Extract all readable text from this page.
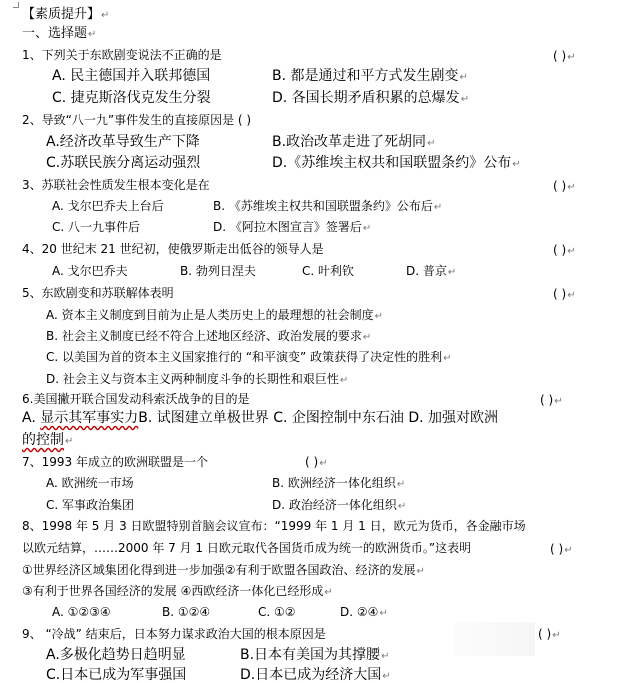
【素质提升】↵
一、选择题↵
1、下列关于东欧剧变说法不正确的是	( )↵
A. 民主德国并入联邦德国	B. 都是通过和平方式发生剧变↵
C. 捷克斯洛伐克发生分裂	D. 各国长期矛盾积累的总爆发↵
2、导致“八一九”事件发生的直接原因是 ( )
A.经济改革导致生产下降	B.政治改革走进了死胡同↵
C.苏联民族分离运动强烈	D.《苏维埃主权共和国联盟条约》公布↵
3、苏联社会性质发生根本变化是在	( )↵
A. 戈尔巴乔夫上台后	B. 《苏维埃主权共和国联盟条约》公布后↵
C. 八一九事件后	D. 《阿拉木图宣言》签署后↵
4、20 世纪末 21 世纪初，使俄罗斯走出低谷的领导人是	( )↵
A. 戈尔巴乔夫	B. 勃列日涅夫	C. 叶利钦	D. 普京↵
5、东欧剧变和苏联解体表明	( )↵
A. 资本主义制度到目前为止是人类历史上的最理想的社会制度↵
B. 社会主义制度已经不符合上述地区经济、政治发展的要求↵
C. 以美国为首的资本主义国家推行的 “和平演变” 政策获得了决定性的胜利↵
D. 社会主义与资本主义两种制度斗争的长期性和艰巨性↵
6.美国撇开联合国发动科索沃战争的目的是	( )↵
A. 显示其军事实力B. 试图建立单极世界 C. 企图控制中东石油 D. 加强对欧洲
的控制↵
7、1993 年成立的欧洲联盟是一个	( )↵
A. 欧洲统一市场	B. 欧洲经济一体化组织↵
C. 军事政治集团	D. 政治经济一体化组织↵
8、1998 年 5 月 3 日欧盟特别首脑会议宣布：“1999 年 1 月 1 日，欧元为货币，各金融市场
以欧元结算，……2000 年 7 月 1 日欧元取代各国货币成为统一的欧洲货币。”这表明	( )↵
①世界经济区域集团化得到进一步加强②有利于欧盟各国政治、经济的发展↵
③有利于世界各国经济的发展 ④西欧经济一体化已经形成↵
A. ①②③④	B. ①②④	C. ①②	D. ②④↵
9、 “冷战” 结束后，日本努力谋求政治大国的根本原因是	( )↵
A.多极化趋势日趋明显	B.日本有美国为其撑腰↵
C.日本已成为军事强国	D.日本已成为经济大国↵
